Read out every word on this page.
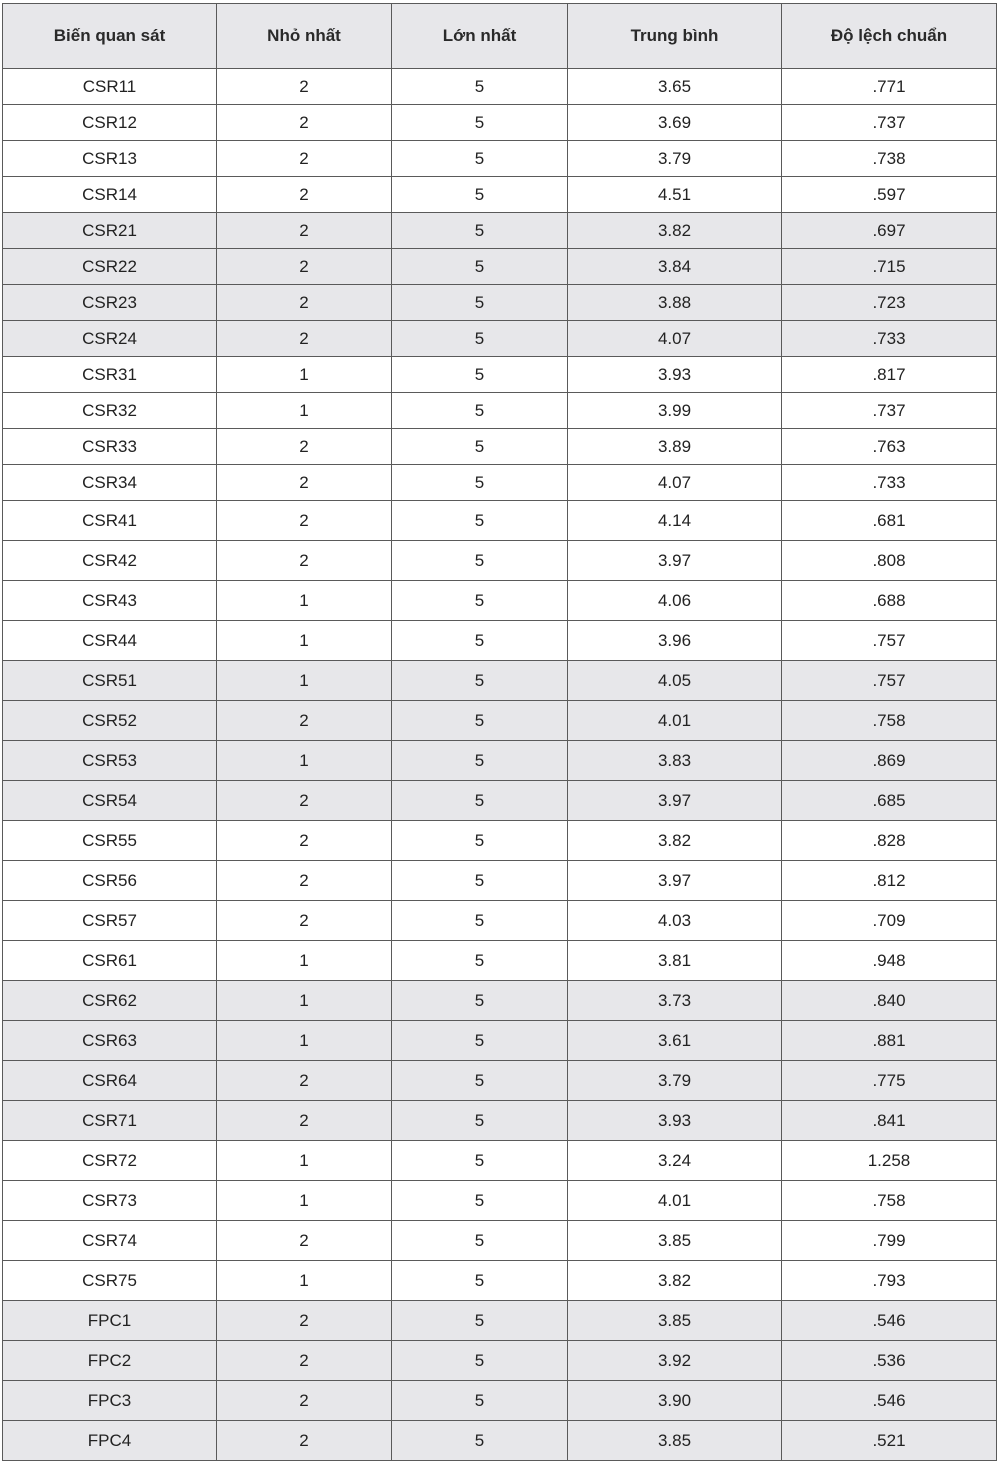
Biến quan sát	Nhỏ nhất	Lớn nhất	Trung bình	Độ lệch chuẩn
CSR11	2	5	3.65	.771
CSR12	2	5	3.69	.737
CSR13	2	5	3.79	.738
CSR14	2	5	4.51	.597
CSR21	2	5	3.82	.697
CSR22	2	5	3.84	.715
CSR23	2	5	3.88	.723
CSR24	2	5	4.07	.733
CSR31	1	5	3.93	.817
CSR32	1	5	3.99	.737
CSR33	2	5	3.89	.763
CSR34	2	5	4.07	.733
CSR41	2	5	4.14	.681
CSR42	2	5	3.97	.808
CSR43	1	5	4.06	.688
CSR44	1	5	3.96	.757
CSR51	1	5	4.05	.757
CSR52	2	5	4.01	.758
CSR53	1	5	3.83	.869
CSR54	2	5	3.97	.685
CSR55	2	5	3.82	.828
CSR56	2	5	3.97	.812
CSR57	2	5	4.03	.709
CSR61	1	5	3.81	.948
CSR62	1	5	3.73	.840
CSR63	1	5	3.61	.881
CSR64	2	5	3.79	.775
CSR71	2	5	3.93	.841
CSR72	1	5	3.24	1.258
CSR73	1	5	4.01	.758
CSR74	2	5	3.85	.799
CSR75	1	5	3.82	.793
FPC1	2	5	3.85	.546
FPC2	2	5	3.92	.536
FPC3	2	5	3.90	.546
FPC4	2	5	3.85	.521
